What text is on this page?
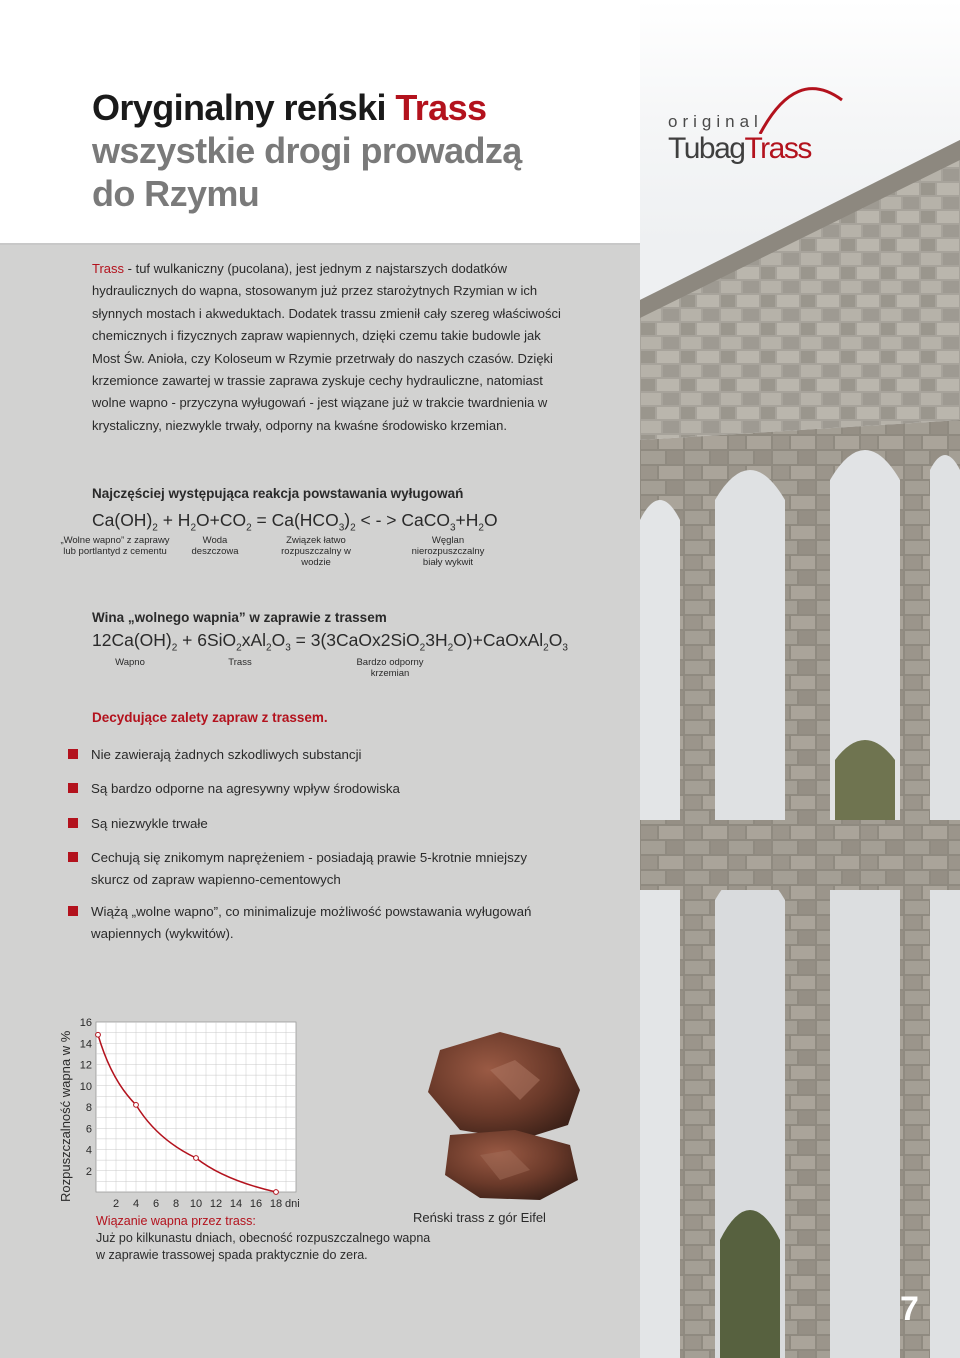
Oryginalny reński Trass
wszystkie drogi prowadzą
do Rzymu
original
TubagTrass

Trass - tuf wulkaniczny (pucolana), jest jednym z najstarszych dodatków hydraulicznych do wapna, stosowanym już przez starożytnych Rzymian w ich słynnych mostach i akweduktach. Dodatek trassu zmienił cały szereg właściwości chemicznych i fizycznych zapraw wapiennych, dzięki czemu takie budowle jak Most Św. Anioła, czy Koloseum w Rzymie przetrwały do naszych czasów. Dzięki krzemionce zawartej w trassie zaprawa zyskuje cechy hydrauliczne, natomiast wolne wapno - przyczyna wyługowań - jest wiązane już w trakcie twardnienia w krystaliczny, niezwykle trwały, odporny na kwaśne środowisko krzemian.

Najczęściej występująca reakcja powstawania wyługowań

$Ca(OH)_2 + H_2O+CO_2 = Ca(HCO_3)_2$ < - > $CaCO_3+H_2O$

„Wolne wapno” z zaprawy lub portlantyd z cementu
Woda deszczowa
Związek łatwo rozpuszczalny w wodzie
Węglan nierozpuszczalny biały wykwit
Wina „wolnego wapnia” w zaprawie z trassem

$12Ca(OH)_2 + 6SiO_2xAl_2O_3$ = $3(3CaOx2SiO_23H_2O)+CaOxAl_2O_3$

Wapno	Trass	Bardzo odporny krzemian
Decydujące zalety zapraw z trassem.
Nie zawierają żadnych szkodliwych substancji
Są bardzo odporne na agresywny wpływ środowiska
Są niezwykle trwałe
Cechują się znikomym naprężeniem - posiadają prawie 5-krotnie mniejszy skurcz od zapraw wapienno-cementowych
Wiążą „wolne wapno”, co minimalizuje możliwość powstawania wyługowań wapiennych (wykwitów).
2
4
6
8
10
12
14
16
2 4 6 8 10 12 14 16 18 dni
Rozpuszczalność wapna w %
Wiązanie wapna przez trass:
Już po kilkunastu dniach, obecność rozpuszczalnego wapna w zaprawie trassowej spada praktycznie do zera.
Reński trass z gór Eifel
7
